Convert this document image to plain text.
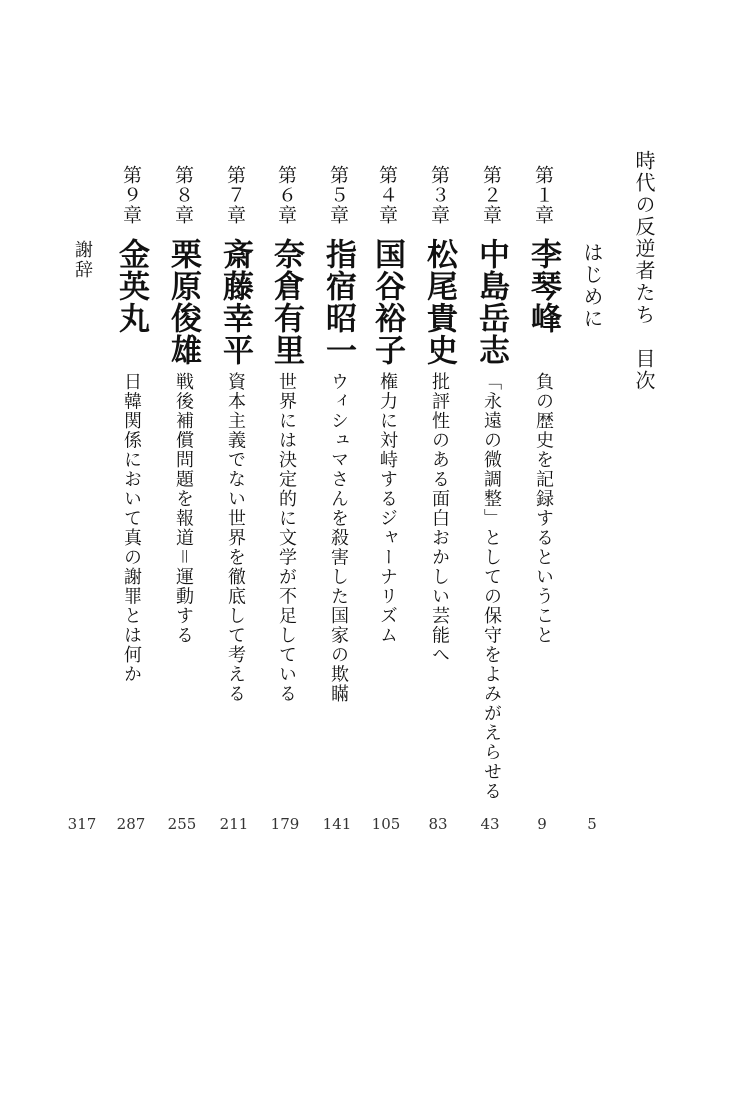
時代の反逆者たち　目次
はじめに
5
第１章
李琴峰
負の歴史を記録するということ
9
第２章
中島岳志
「永遠の微調整」としての保守をよみがえらせる
43
第３章
松尾貴史
批評性のある面白おかしい芸能へ
83
第４章
国谷裕子
権力に対峙するジャーナリズム
105
第５章
指宿昭一
ウィシュマさんを殺害した国家の欺瞞
141
第６章
奈倉有里
世界には決定的に文学が不足している
179
第７章
斎藤幸平
資本主義でない世界を徹底して考える
211
第８章
栗原俊雄
戦後補償問題を報道＝運動する
255
第９章
金英丸
日韓関係において真の謝罪とは何か
287
謝辞
317
